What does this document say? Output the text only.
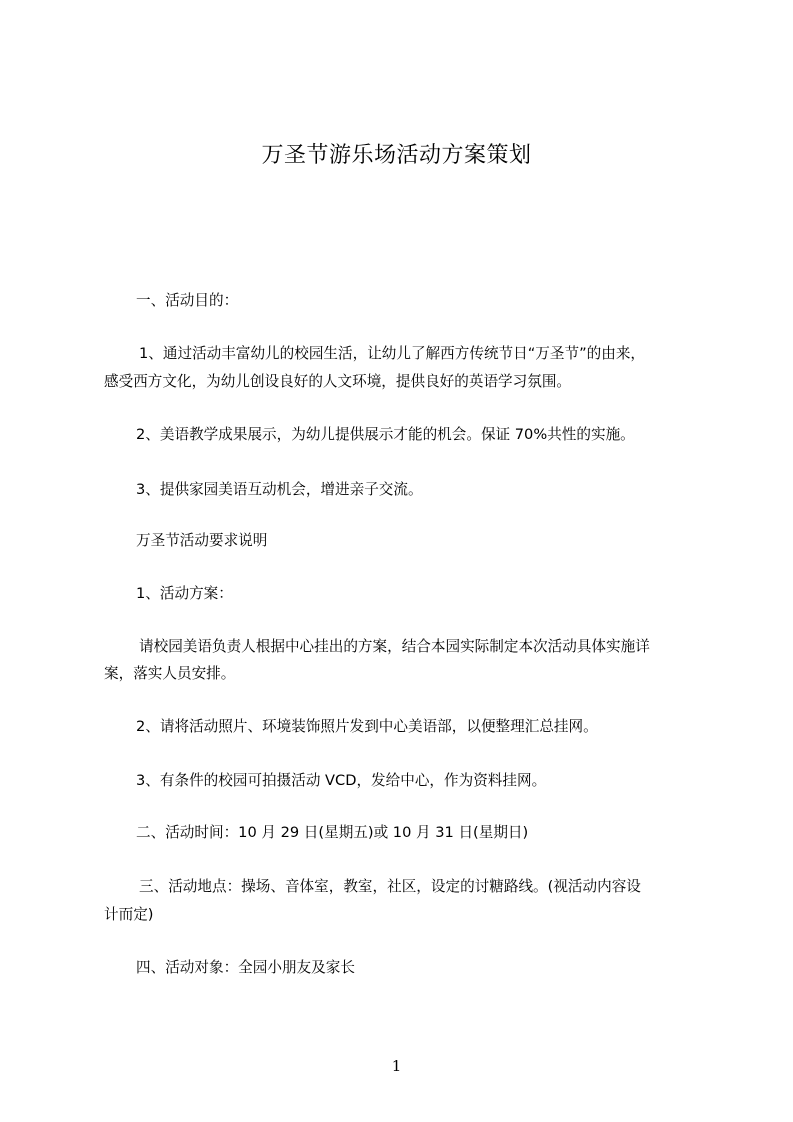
万圣节游乐场活动方案策划
一、活动目的：
1、通过活动丰富幼儿的校园生活，让幼儿了解西方传统节日“万圣节”的由来，
感受西方文化，为幼儿创设良好的人文环境，提供良好的英语学习氛围。
2、美语教学成果展示，为幼儿提供展示才能的机会。保证 70%共性的实施。
3、提供家园美语互动机会，增进亲子交流。
万圣节活动要求说明
1、活动方案：
请校园美语负责人根据中心挂出的方案，结合本园实际制定本次活动具体实施详
案，落实人员安排。
2、请将活动照片、环境装饰照片发到中心美语部，以便整理汇总挂网。
3、有条件的校园可拍摄活动 VCD，发给中心，作为资料挂网。
二、活动时间：10 月 29 日(星期五)或 10 月 31 日(星期日)
三、活动地点：操场、音体室，教室，社区，设定的讨糖路线。(视活动内容设
计而定)
四、活动对象：全园小朋友及家长
1
